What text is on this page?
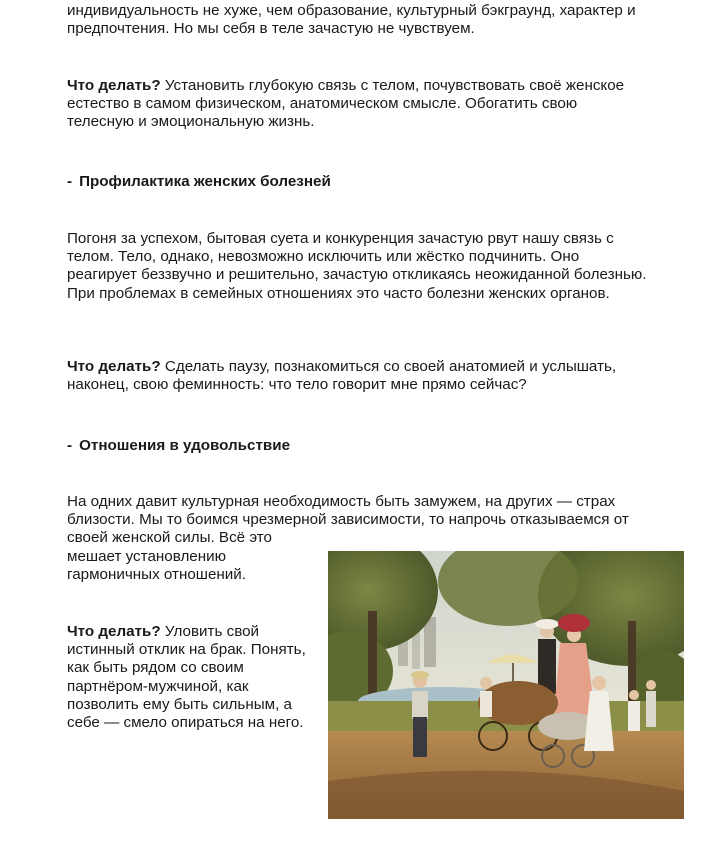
индивидуальность не хуже, чем образование, культурный бэкграунд, характер и предпочтения. Но мы себя в теле зачастую не чувствуем.

Что делать? Установить глубокую связь с телом, почувствовать своё женское естество в самом физическом, анатомическом смысле. Обогатить свою телесную и эмоциональную жизнь.

- Профилактика женских болезней

Погоня за успехом, бытовая суета и конкуренция зачастую рвут нашу связь с телом. Тело, однако, невозможно исключить или жёстко подчинить. Оно реагирует беззвучно и решительно, зачастую откликаясь неожиданной болезнью. При проблемах в семейных отношениях это часто болезни женских органов.

Что делать? Сделать паузу, познакомиться со своей анатомией и услышать, наконец, свою феминность: что тело говорит мне прямо сейчас?

- Отношения в удовольствие

На одних давит культурная необходимость быть замужем, на других — страх близости. Мы то боимся чрезмерной зависимости, то напрочь отказываемся от своей женской силы. Всё это

мешает установлению гармоничных отношений.

Что делать? Уловить свой истинный отклик на брак. Понять, как быть рядом со своим партнёром-мужчиной, как позволить ему быть сильным, а себе — смело опираться на него.
